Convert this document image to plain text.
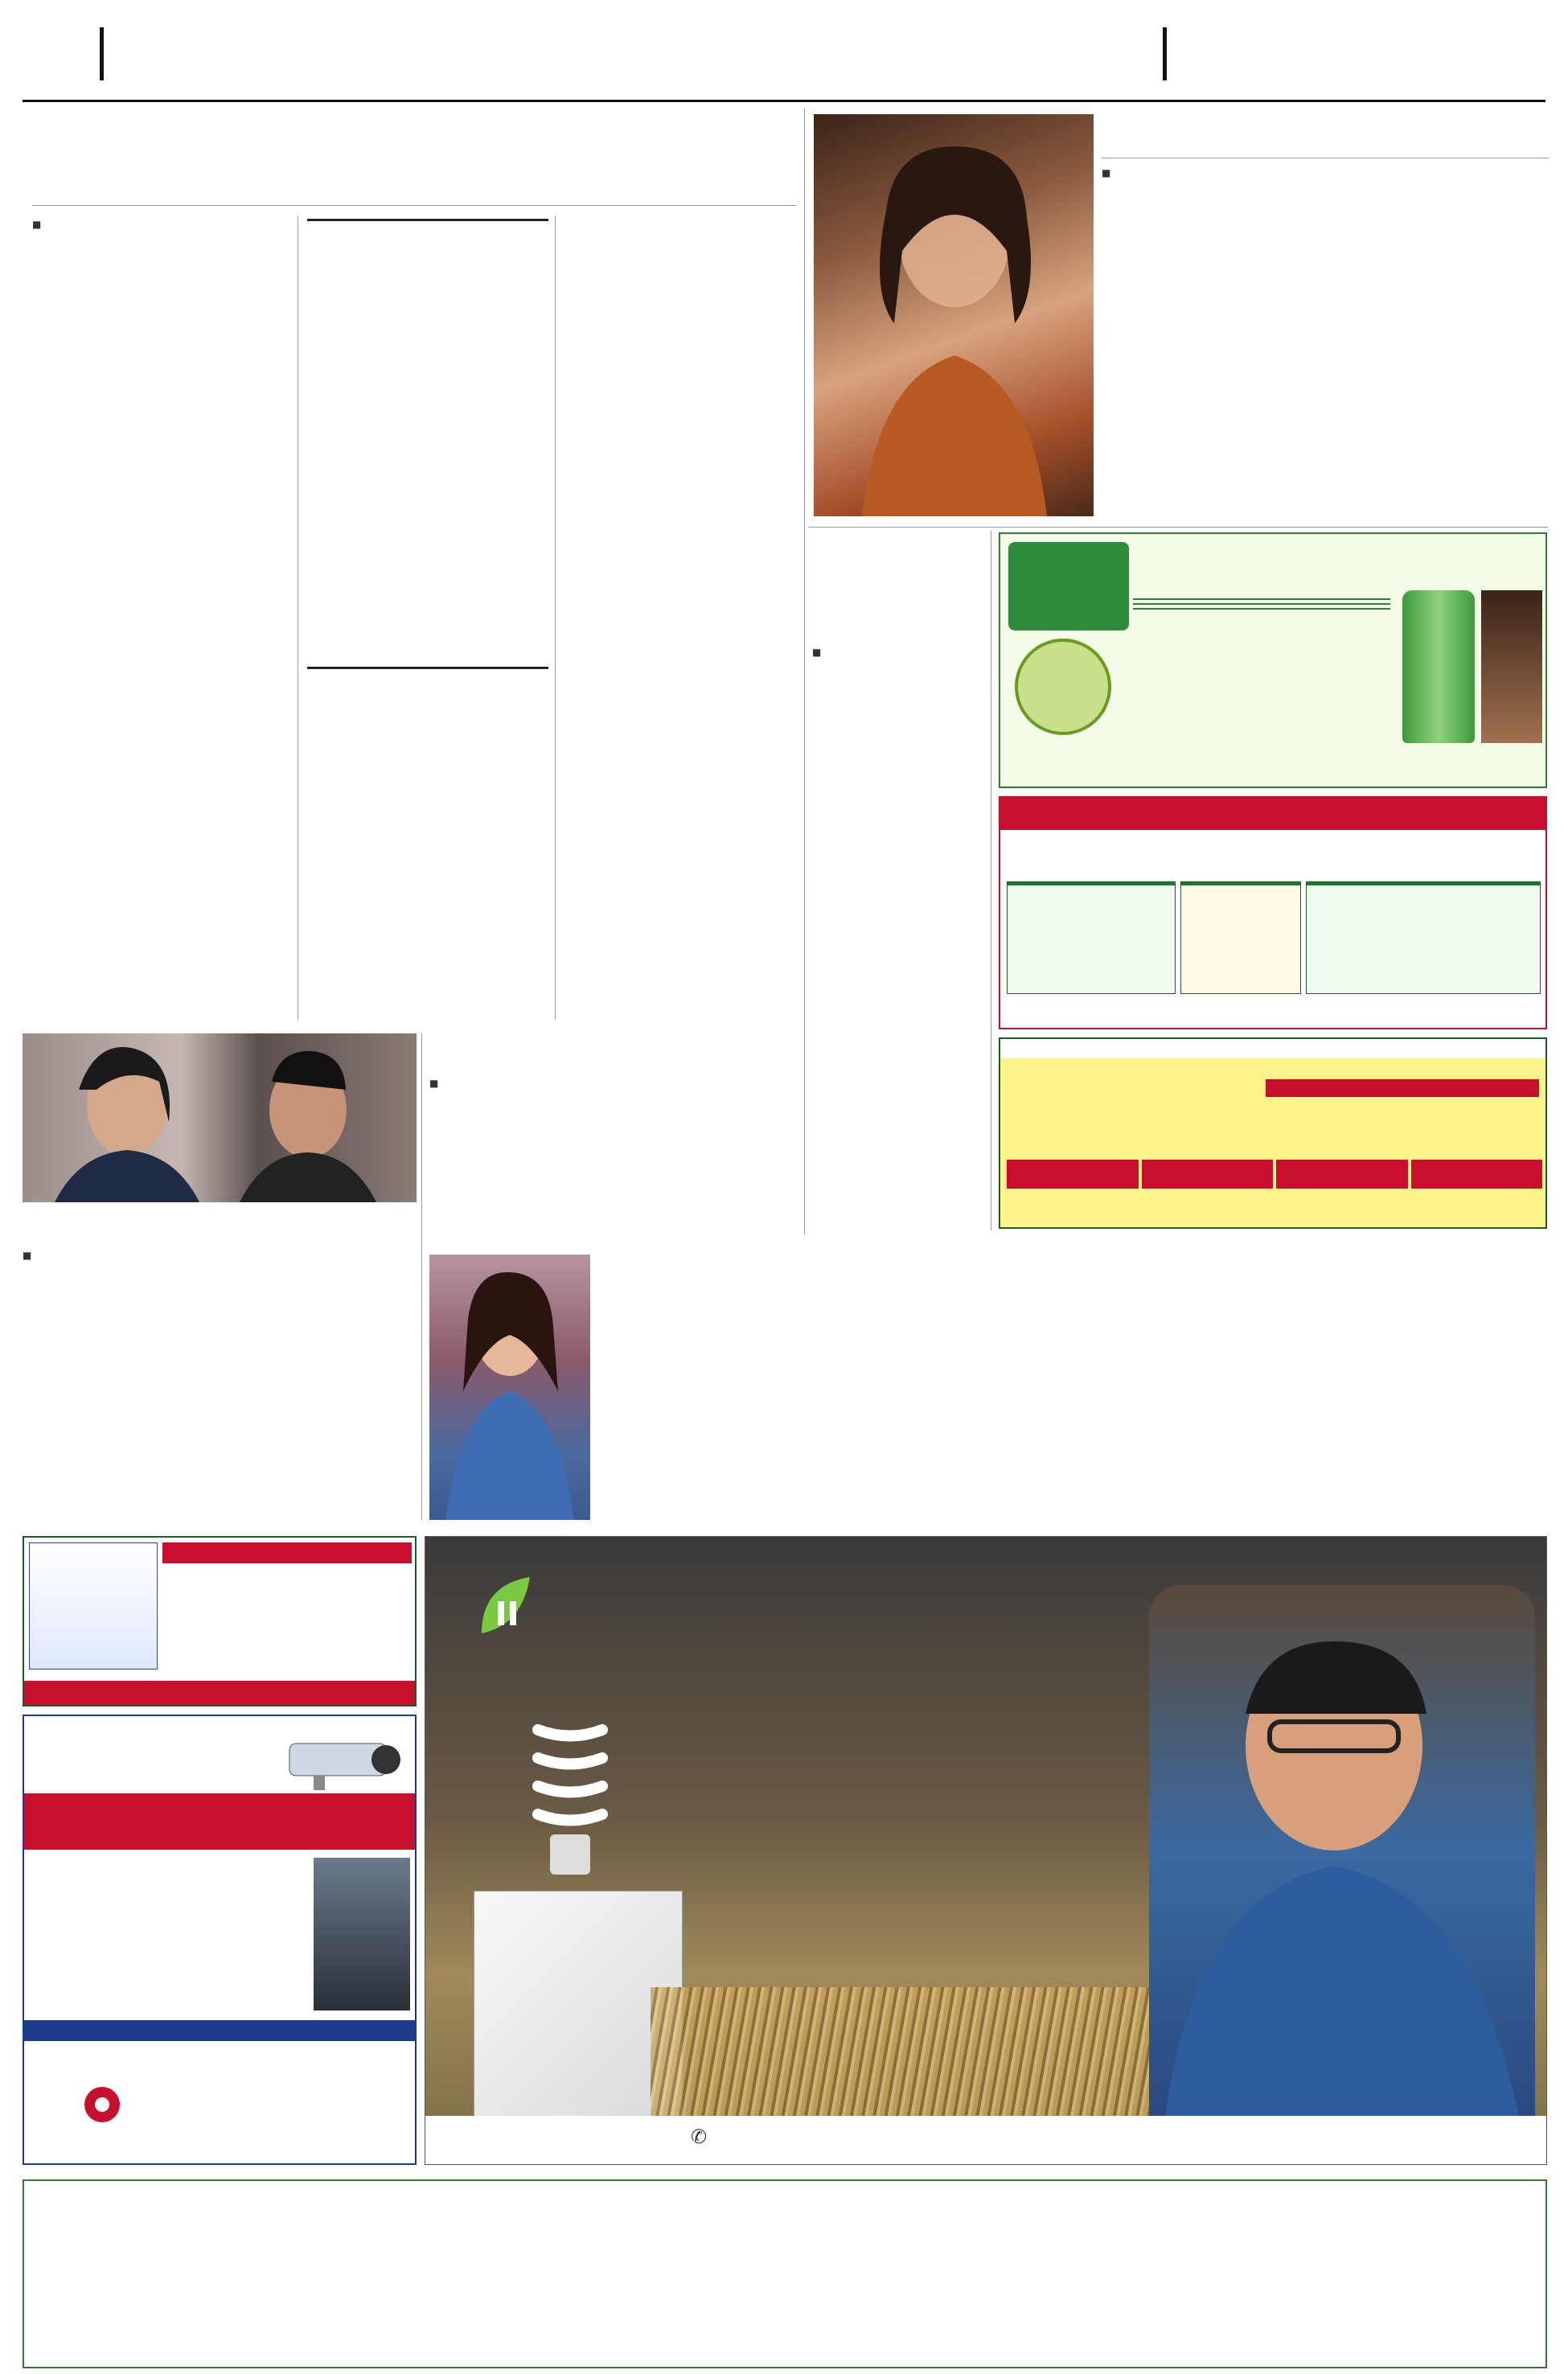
■

■

■

■

■

✆
